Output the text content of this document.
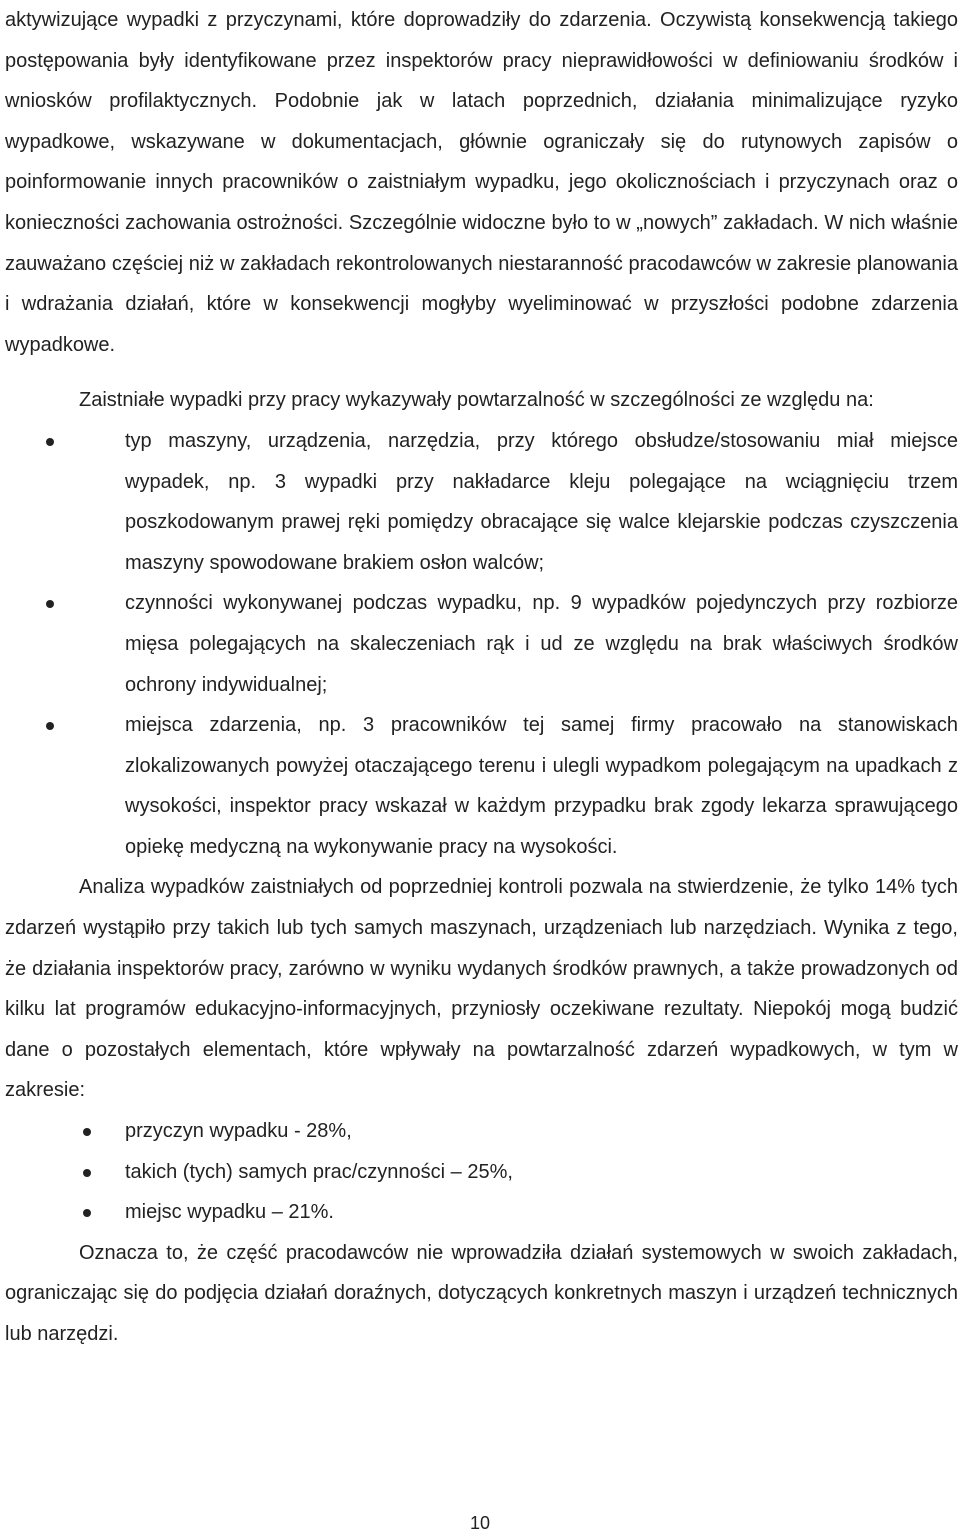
aktywizujące wypadki z przyczynami, które doprowadziły do zdarzenia. Oczywistą konsekwencją takiego postępowania były identyfikowane przez inspektorów pracy nieprawidłowości w definiowaniu środków i wniosków profilaktycznych. Podobnie jak w latach poprzednich, działania minimalizujące ryzyko wypadkowe, wskazywane w dokumentacjach, głównie ograniczały się do rutynowych zapisów o poinformowanie innych pracowników o zaistniałym wypadku, jego okolicznościach i przyczynach oraz o konieczności zachowania ostrożności. Szczególnie widoczne było to w „nowych” zakładach. W nich właśnie zauważano częściej niż w zakładach rekontrolowanych niestaranność pracodawców w zakresie planowania i wdrażania działań, które w konsekwencji mogłyby wyeliminować w przyszłości podobne zdarzenia wypadkowe.

Zaistniałe wypadki przy pracy wykazywały powtarzalność w szczególności ze względu na:

typ maszyny, urządzenia, narzędzia, przy którego obsłudze/stosowaniu miał miejsce wypadek, np. 3 wypadki przy nakładarce kleju polegające na wciągnięciu trzem poszkodowanym prawej ręki pomiędzy obracające się walce klejarskie podczas czyszczenia maszyny spowodowane brakiem osłon walców;
czynności wykonywanej podczas wypadku, np. 9 wypadków pojedynczych przy rozbiorze mięsa polegających na skaleczeniach rąk i ud ze względu na brak właściwych środków ochrony indywidualnej;
miejsca zdarzenia, np. 3 pracowników tej samej firmy pracowało na stanowiskach zlokalizowanych powyżej otaczającego terenu i ulegli wypadkom polegającym na upadkach z wysokości, inspektor pracy wskazał w każdym przypadku brak zgody lekarza sprawującego opiekę medyczną na wykonywanie pracy na wysokości.

Analiza wypadków zaistniałych od poprzedniej kontroli pozwala na stwierdzenie, że tylko 14% tych zdarzeń wystąpiło przy takich lub tych samych maszynach, urządzeniach lub narzędziach. Wynika z tego, że działania inspektorów pracy, zarówno w wyniku wydanych środków prawnych, a także prowadzonych od kilku lat programów edukacyjno-informacyjnych, przyniosły oczekiwane rezultaty. Niepokój mogą budzić dane o pozostałych elementach, które wpływały na powtarzalność zdarzeń wypadkowych, w tym w zakresie:

przyczyn wypadku - 28%,
takich (tych) samych prac/czynności – 25%,
miejsc wypadku – 21%.

Oznacza to, że część pracodawców nie wprowadziła działań systemowych w swoich zakładach, ograniczając się do podjęcia działań doraźnych, dotyczących konkretnych maszyn i urządzeń technicznych lub narzędzi.

10
